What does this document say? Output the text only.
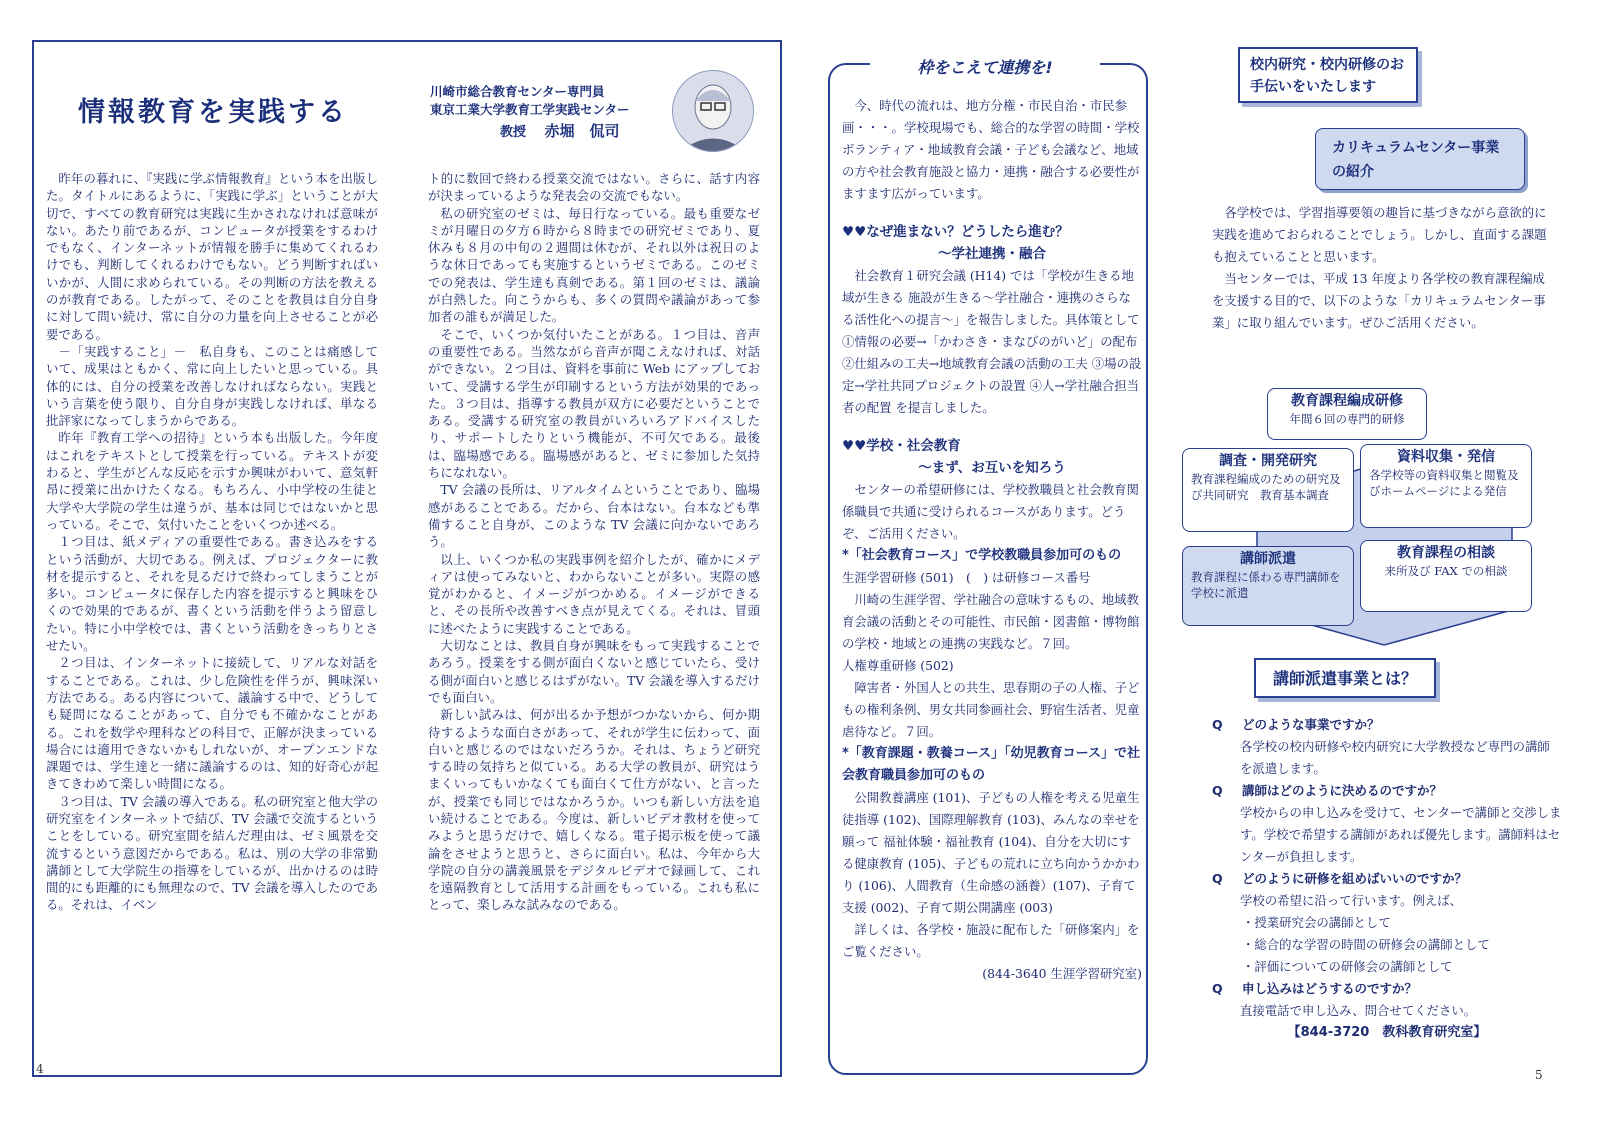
情報教育を実践する
川崎市総合教育センター専門員
東京工業大学教育工学実践センター
教授 赤堀　侃司

昨年の暮れに、『実践に学ぶ情報教育』という本を出版した。タイトルにあるように、「実践に学ぶ」ということが大切で、すべての教育研究は実践に生かされなければ意味がない。あたり前であるが、コンピュータが授業をするわけでもなく、インターネットが情報を勝手に集めてくれるわけでも、判断してくれるわけでもない。どう判断すればいいかが、人間に求められている。その判断の方法を教えるのが教育である。したがって、そのことを教員は自分自身に対して問い続け、常に自分の力量を向上させることが必要である。

－「実践すること」－　私自身も、このことは痛感していて、成果はともかく、常に向上したいと思っている。具体的には、自分の授業を改善しなければならない。実践という言葉を使う限り、自分自身が実践しなければ、単なる批評家になってしまうからである。

昨年『教育工学への招待』という本も出版した。今年度はこれをテキストとして授業を行っている。テキストが変わると、学生がどんな反応を示すか興味がわいて、意気軒昂に授業に出かけたくなる。もちろん、小中学校の生徒と大学や大学院の学生は違うが、基本は同じではないかと思っている。そこで、気付いたことをいくつか述べる。

１つ目は、紙メディアの重要性である。書き込みをするという活動が、大切である。例えば、プロジェクターに教材を提示すると、それを見るだけで終わってしまうことが多い。コンピュータに保存した内容を提示すると興味をひくので効果的であるが、書くという活動を伴うよう留意したい。特に小中学校では、書くという活動をきっちりとさせたい。

２つ目は、インターネットに接続して、リアルな対話をすることである。これは、少し危険性を伴うが、興味深い方法である。ある内容について、議論する中で、どうしても疑問になることがあって、自分でも不確かなことがある。これを数学や理科などの科目で、正解が決まっている場合には適用できないかもしれないが、オープンエンドな課題では、学生達と一緒に議論するのは、知的好奇心が起きてきわめて楽しい時間になる。

３つ目は、TV 会議の導入である。私の研究室と他大学の研究室をインターネットで結び、TV 会議で交流するということをしている。研究室間を結んだ理由は、ゼミ風景を交流するという意図だからである。私は、別の大学の非常勤講師として大学院生の指導をしているが、出かけるのは時間的にも距離的にも無理なので、TV 会議を導入したのである。それは、イベン

ト的に数回で終わる授業交流ではない。さらに、話す内容が決まっているような発表会の交流でもない。

私の研究室のゼミは、毎日行なっている。最も重要なゼミが月曜日の夕方６時から８時までの研究ゼミであり、夏休みも８月の中旬の２週間は休むが、それ以外は祝日のような休日であっても実施するというゼミである。このゼミでの発表は、学生達も真剣である。第１回のゼミは、議論が白熱した。向こうからも、多くの質問や議論があって参加者の誰もが満足した。

そこで、いくつか気付いたことがある。１つ目は、音声の重要性である。当然ながら音声が聞こえなければ、対話ができない。２つ目は、資料を事前に Web にアップしておいて、受講する学生が印刷するという方法が効果的であった。３つ目は、指導する教員が双方に必要だということである。受講する研究室の教員がいろいろアドバイスしたり、サポートしたりという機能が、不可欠である。最後は、臨場感である。臨場感があると、ゼミに参加した気持ちになれない。

TV 会議の長所は、リアルタイムということであり、臨場感があることである。だから、台本はない。台本なども準備すること自身が、このような TV 会議に向かないであろう。

以上、いくつか私の実践事例を紹介したが、確かにメディアは使ってみないと、わからないことが多い。実際の感覚がわかると、イメージがつかめる。イメージができると、その長所や改善すべき点が見えてくる。それは、冒頭に述べたように実践することである。

大切なことは、教員自身が興味をもって実践することであろう。授業をする側が面白くないと感じていたら、受ける側が面白いと感じるはずがない。TV 会議を導入するだけでも面白い。

新しい試みは、何が出るか予想がつかないから、何か期待するような面白さがあって、それが学生に伝わって、面白いと感じるのではないだろうか。それは、ちょうど研究する時の気持ちと似ている。ある大学の教員が、研究はうまくいってもいかなくても面白くて仕方がない、と言ったが、授業でも同じではなかろうか。いつも新しい方法を追い続けることである。今度は、新しいビデオ教材を使ってみようと思うだけで、嬉しくなる。電子掲示板を使って議論をさせようと思うと、さらに面白い。私は、今年から大学院の自分の講義風景をデジタルビデオで録画して、これを遠隔教育として活用する計画をもっている。これも私にとって、楽しみな試みなのである。

4
枠をこえて連携を!

今、時代の流れは、地方分権・市民自治・市民参画・・・。学校現場でも、総合的な学習の時間・学校ボランティア・地域教育会議・子ども会議など、地域の方や社会教育施設と協力・連携・融合する必要性がますます広がっています。

♥♥なぜ進まない？どうしたら進む？

～学社連携・融合

社会教育１研究会議 (H14) では「学校が生きる地域が生きる 施設が生きる～学社融合・連携のさらなる活性化への提言～」を報告しました。具体策として ①情報の必要→「かわさき・まなびのがいど」の配布 ②仕組みの工夫→地域教育会議の活動の工夫 ③場の設定→学社共同プロジェクトの設置 ④人→学社融合担当者の配置 を提言しました。

♥♥学校・社会教育

～まず、お互いを知ろう

センターの希望研修には、学校教職員と社会教育関係職員で共通に受けられるコースがあります。どうぞ、ご活用ください。

*「社会教育コース」で学校教職員参加可のもの

生涯学習研修 (501)　(　) は研修コース番号

川崎の生涯学習、学社融合の意味するもの、地域教育会議の活動とその可能性、市民館・図書館・博物館の学校・地域との連携の実践など。７回。

人権尊重研修 (502)

障害者・外国人との共生、思春期の子の人権、子どもの権利条例、男女共同参画社会、野宿生活者、児童虐待など。７回。

*「教育課題・教養コース」「幼児教育コース」で社会教育職員参加可のもの

公開教養講座 (101)、子どもの人権を考える児童生徒指導 (102)、国際理解教育 (103)、みんなの幸せを願って 福祉体験・福祉教育 (104)、自分を大切にする健康教育 (105)、子どもの荒れに立ち向かうかかわり (106)、人間教育（生命感の涵養）(107)、子育て支援 (002)、子育て期公開講座 (003)

詳しくは、各学校・施設に配布した「研修案内」をご覧ください。

(844-3640 生涯学習研究室)

校内研究・校内研修のお手伝いをいたします
カリキュラムセンター事業の紹介

各学校では、学習指導要領の趣旨に基づきながら意欲的に実践を進めておられることでしょう。しかし、直面する課題も抱えていることと思います。

当センターでは、平成 13 年度より各学校の教育課程編成を支援する目的で、以下のような「カリキュラムセンター事業」に取り組んでいます。ぜひご活用ください。

教育課程編成研修
年間６回の専門的研修
調査・開発研究
教育課程編成のための研究及び共同研究　教育基本調査
資料収集・発信
各学校等の資料収集と閲覧及びホームページによる発信
講師派遣
教育課程に係わる専門講師を学校に派遣
教育課程の相談
来所及び FAX での相談
講師派遣事業とは？

Q どのような事業ですか？

各学校の校内研修や校内研究に大学教授など専門の講師を派遣します。

Q 講師はどのように決めるのですか？

学校からの申し込みを受けて、センターで講師と交渉します。学校で希望する講師があれば優先します。講師料はセンターが負担します。

Q どのように研修を組めばいいのですか？

学校の希望に沿って行います。例えば、

・授業研究会の講師として

・総合的な学習の時間の研修会の講師として

・評価についての研修会の講師として

Q 申し込みはどうするのですか？

直接電話で申し込み、問合せてください。

【844-3720　教科教育研究室】

5
